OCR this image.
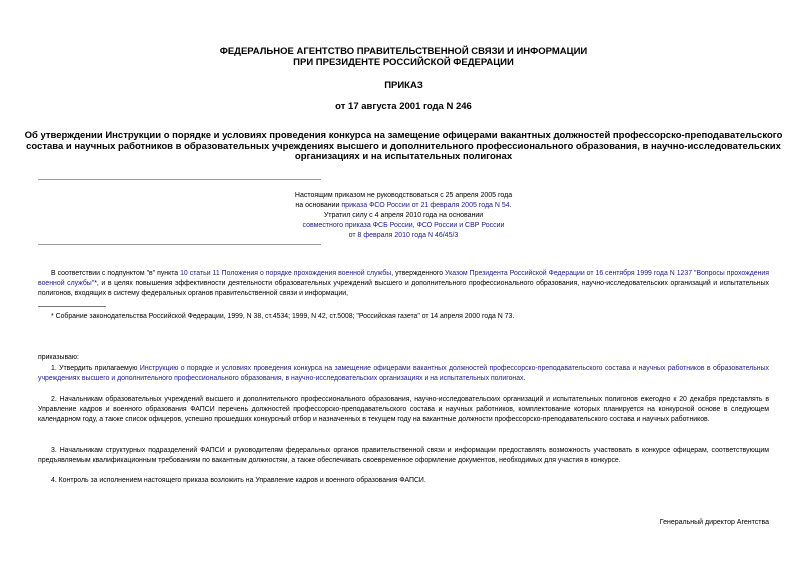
ФЕДЕРАЛЬНОЕ АГЕНТСТВО ПРАВИТЕЛЬСТВЕННОЙ СВЯЗИ И ИНФОРМАЦИИ
ПРИ ПРЕЗИДЕНТЕ РОССИЙСКОЙ ФЕДЕРАЦИИ

ПРИКАЗ

от 17 августа 2001 года N 246

Об утверждении Инструкции о порядке и условиях проведения конкурса на замещение офицерами вакантных должностей профессорско-преподавательского состава и научных работников в образовательных учреждениях высшего и дополнительного профессионального образования, в научно-исследовательских организациях и на испытательных полигонах

Настоящим приказом не руководствоваться с 25 апреля 2005 года
на основании приказа ФСО России от 21 февраля 2005 года N 54.
Утратил силу с 4 апреля 2010 года на основании
совместного приказа ФСБ России, ФСО России и СВР России
от 8 февраля 2010 года N 46/45/3

В соответствии с подпунктом "в" пункта 10 статьи 11 Положения о порядке прохождения военной службы, утвержденного Указом Президента Российской Федерации от 16 сентября 1999 года N 1237 "Вопросы прохождения военной службы"*, и в целях повышения эффективности деятельности образовательных учреждений высшего и дополнительного профессионального образования, научно-исследовательских организаций и испытательных полигонов, входящих в систему федеральных органов правительственной связи и информации,

* Собрание законодательства Российской Федерации, 1999, N 38, ст.4534; 1999, N 42, ст.5008; "Российская газета" от 14 апреля 2000 года N 73.

приказываю:

1. Утвердить прилагаемую Инструкцию о порядке и условиях проведения конкурса на замещение офицерами вакантных должностей профессорско-преподавательского состава и научных работников в образовательных учреждениях высшего и дополнительного профессионального образования, в научно-исследовательских организациях и на испытательных полигонах.

2. Начальникам образовательных учреждений высшего и дополнительного профессионального образования, научно-исследовательских организаций и испытательных полигонов ежегодно к 20 декабря представлять в Управление кадров и военного образования ФАПСИ перечень должностей профессорско-преподавательского состава и научных работников, комплектование которых планируется на конкурсной основе в следующем календарном году, а также список офицеров, успешно прошедших конкурсный отбор и назначенных в текущем году на вакантные должности профессорско-преподавательского состава и научных работников.

3. Начальникам структурных подразделений ФАПСИ и руководителям федеральных органов правительственной связи и информации предоставлять возможность участвовать в конкурсе офицерам, соответствующим предъявляемым квалификационным требованиям по вакантным должностям, а также обеспечивать своевременное оформление документов, необходимых для участия в конкурсе.

4. Контроль за исполнением настоящего приказа возложить на Управление кадров и военного образования ФАПСИ.

Генеральный директор Агентства
